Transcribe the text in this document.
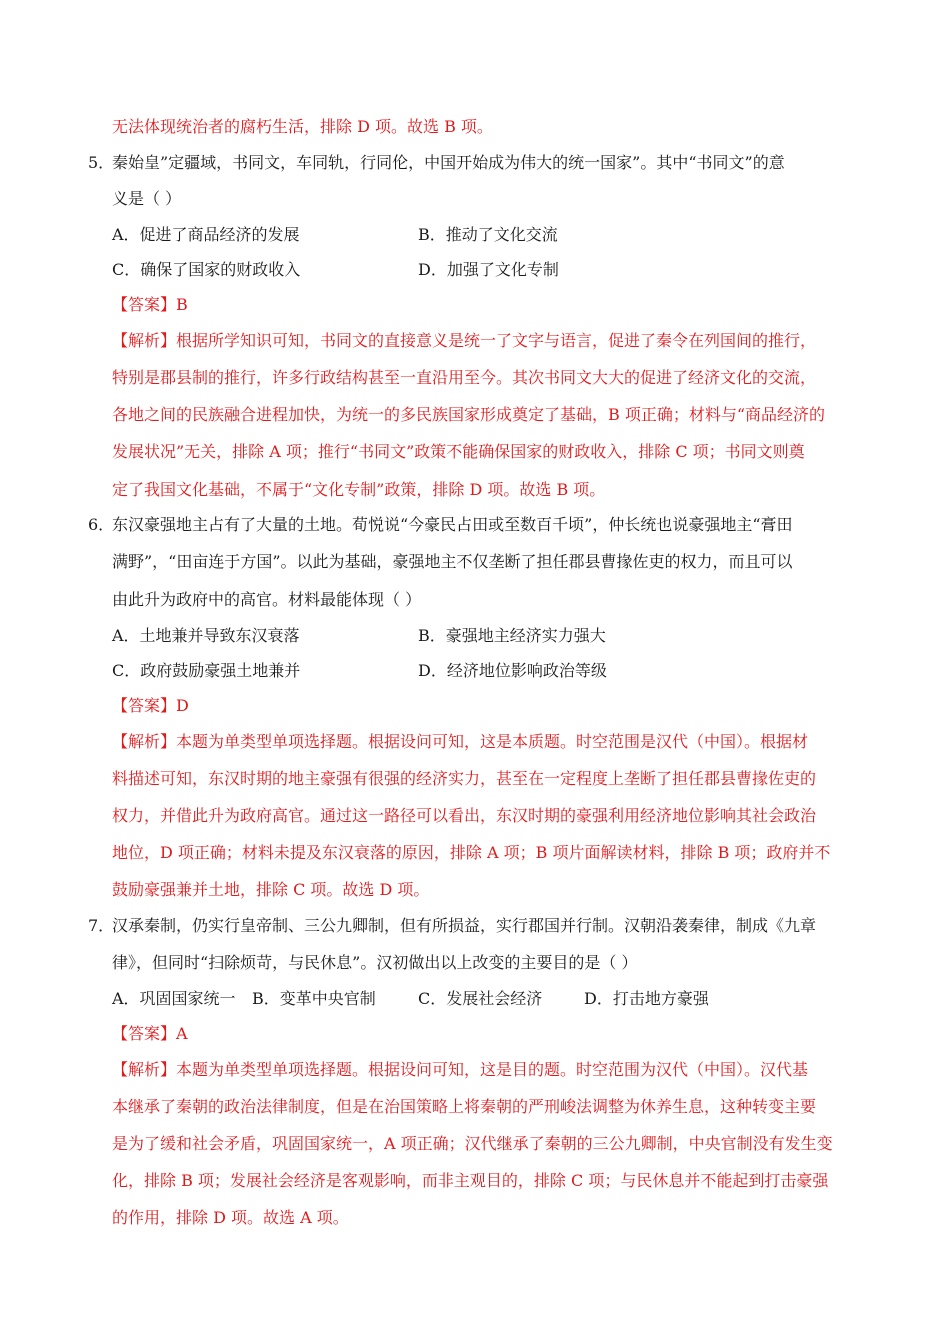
无法体现统治者的腐朽生活，排除 D 项。故选 B 项。
5．
秦始皇”定疆域，书同文，车同轨，行同伦，中国开始成为伟大的统一国家”。其中“书同文”的意
义是（ ）
A．促进了商品经济的发展	B．推动了文化交流
C．确保了国家的财政收入	D．加强了文化专制
【答案】B
【解析】根据所学知识可知，书同文的直接意义是统一了文字与语言，促进了秦令在列国间的推行，
特别是郡县制的推行，许多行政结构甚至一直沿用至今。其次书同文大大的促进了经济文化的交流，
各地之间的民族融合进程加快，为统一的多民族国家形成奠定了基础，B 项正确；材料与“商品经济的
发展状况”无关，排除 A 项；推行“书同文”政策不能确保国家的财政收入，排除 C 项；书同文则奠
定了我国文化基础，不属于“文化专制”政策，排除 D 项。故选 B 项。
6．
东汉豪强地主占有了大量的土地。荀悦说“今豪民占田或至数百千顷”，仲长统也说豪强地主“膏田
满野”，“田亩连于方国”。以此为基础，豪强地主不仅垄断了担任郡县曹掾佐吏的权力，而且可以
由此升为政府中的高官。材料最能体现（ ）
A．土地兼并导致东汉衰落	B．豪强地主经济实力强大
C．政府鼓励豪强土地兼并	D．经济地位影响政治等级
【答案】D
【解析】本题为单类型单项选择题。根据设问可知，这是本质题。时空范围是汉代（中国）。根据材
料描述可知，东汉时期的地主豪强有很强的经济实力，甚至在一定程度上垄断了担任郡县曹掾佐吏的
权力，并借此升为政府高官。通过这一路径可以看出，东汉时期的豪强利用经济地位影响其社会政治
地位，D 项正确；材料未提及东汉衰落的原因，排除 A 项；B 项片面解读材料，排除 B 项；政府并不
鼓励豪强兼并土地，排除 C 项。故选 D 项。
7．
汉承秦制，仍实行皇帝制、三公九卿制，但有所损益，实行郡国并行制。汉朝沿袭秦律，制成《九章
律》，但同时“扫除烦苛，与民休息”。汉初做出以上改变的主要目的是（ ）
A．巩固国家统一 B．变革中央官制	C．发展社会经济	D．打击地方豪强
【答案】A
【解析】本题为单类型单项选择题。根据设问可知，这是目的题。时空范围为汉代（中国）。汉代基
本继承了秦朝的政治法律制度，但是在治国策略上将秦朝的严刑峻法调整为休养生息，这种转变主要
是为了缓和社会矛盾，巩固国家统一，A 项正确；汉代继承了秦朝的三公九卿制，中央官制没有发生变
化，排除 B 项；发展社会经济是客观影响，而非主观目的，排除 C 项；与民休息并不能起到打击豪强
的作用，排除 D 项。故选 A 项。
